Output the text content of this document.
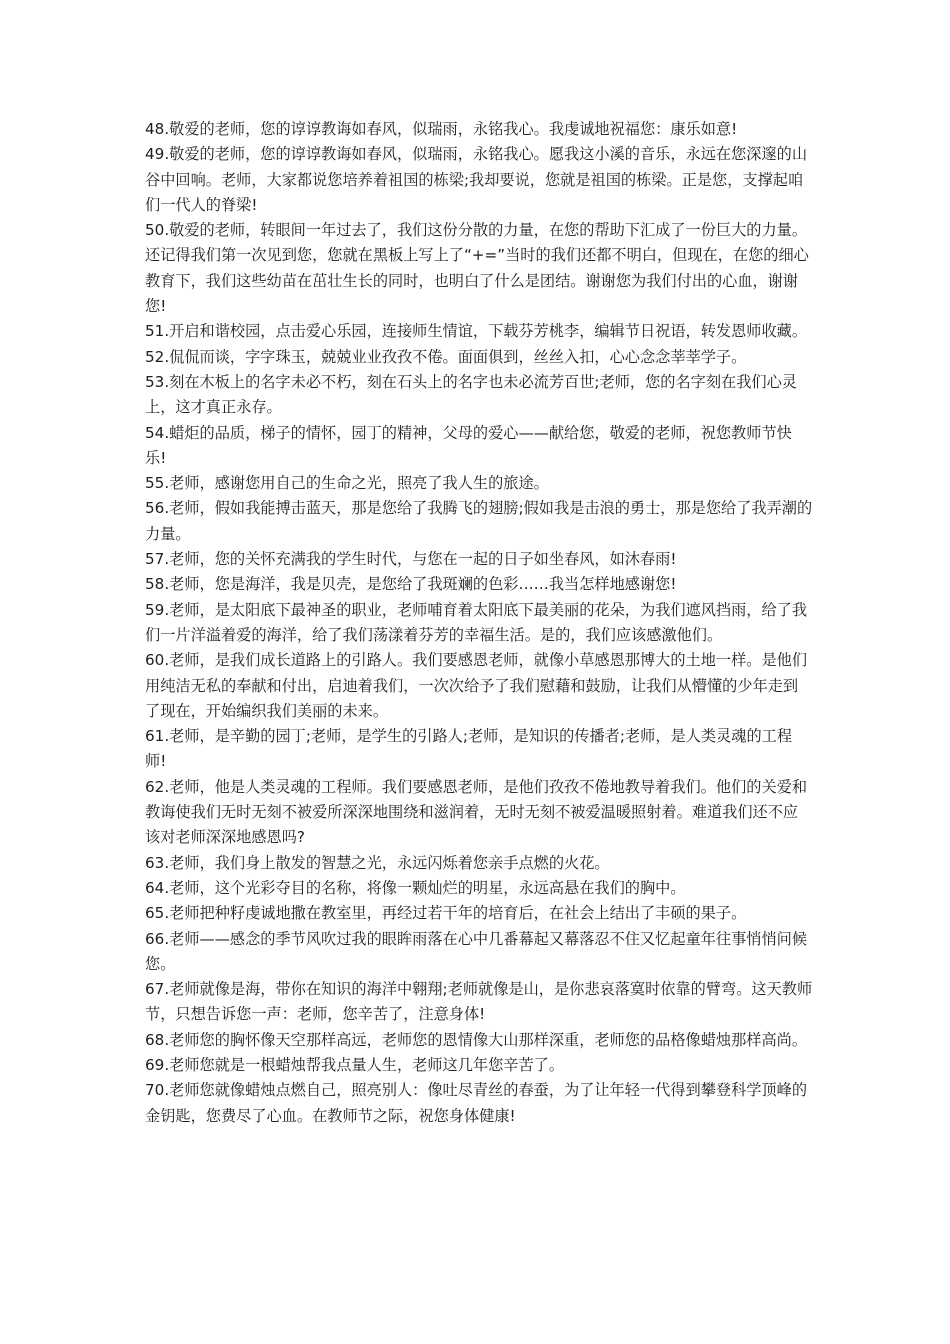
48.敬爱的老师，您的谆谆教诲如春风，似瑞雨，永铭我心。我虔诚地祝福您：康乐如意!

49.敬爱的老师，您的谆谆教诲如春风，似瑞雨，永铭我心。愿我这小溪的音乐，永远在您深邃的山谷中回响。老师，大家都说您培养着祖国的栋梁;我却要说，您就是祖国的栋梁。正是您，支撑起咱们一代人的脊梁!

50.敬爱的老师，转眼间一年过去了，我们这份分散的力量，在您的帮助下汇成了一份巨大的力量。还记得我们第一次见到您，您就在黑板上写上了“+=”当时的我们还都不明白，但现在，在您的细心教育下，我们这些幼苗在茁壮生长的同时，也明白了什么是团结。谢谢您为我们付出的心血，谢谢您!

51.开启和谐校园，点击爱心乐园，连接师生情谊，下载芬芳桃李，编辑节日祝语，转发恩师收藏。

52.侃侃而谈，字字珠玉，兢兢业业孜孜不倦。面面俱到，丝丝入扣，心心念念莘莘学子。

53.刻在木板上的名字未必不朽，刻在石头上的名字也未必流芳百世;老师，您的名字刻在我们心灵上，这才真正永存。

54.蜡炬的品质，梯子的情怀，园丁的精神，父母的爱心——献给您，敬爱的老师，祝您教师节快乐!

55.老师，感谢您用自己的生命之光，照亮了我人生的旅途。

56.老师，假如我能搏击蓝天，那是您给了我腾飞的翅膀;假如我是击浪的勇士，那是您给了我弄潮的力量。

57.老师，您的关怀充满我的学生时代，与您在一起的日子如坐春风，如沐春雨!

58.老师，您是海洋，我是贝壳，是您给了我斑斓的色彩……我当怎样地感谢您!

59.老师，是太阳底下最神圣的职业，老师哺育着太阳底下最美丽的花朵，为我们遮风挡雨，给了我们一片洋溢着爱的海洋，给了我们荡漾着芬芳的幸福生活。是的，我们应该感激他们。

60.老师，是我们成长道路上的引路人。我们要感恩老师，就像小草感恩那博大的土地一样。是他们用纯洁无私的奉献和付出，启迪着我们，一次次给予了我们慰藉和鼓励，让我们从懵懂的少年走到了现在，开始编织我们美丽的未来。

61.老师，是辛勤的园丁;老师，是学生的引路人;老师，是知识的传播者;老师，是人类灵魂的工程师!

62.老师，他是人类灵魂的工程师。我们要感恩老师，是他们孜孜不倦地教导着我们。他们的关爱和教诲使我们无时无刻不被爱所深深地围绕和滋润着，无时无刻不被爱温暖照射着。难道我们还不应该对老师深深地感恩吗?

63.老师，我们身上散发的智慧之光，永远闪烁着您亲手点燃的火花。

64.老师，这个光彩夺目的名称，将像一颗灿烂的明星，永远高悬在我们的胸中。

65.老师把种籽虔诚地撒在教室里，再经过若干年的培育后，在社会上结出了丰硕的果子。

66.老师——感念的季节风吹过我的眼眸雨落在心中几番幕起又幕落忍不住又忆起童年往事悄悄问候您。

67.老师就像是海，带你在知识的海洋中翱翔;老师就像是山，是你悲哀落寞时依靠的臂弯。这天教师节，只想告诉您一声：老师，您辛苦了，注意身体!

68.老师您的胸怀像天空那样高远，老师您的恩情像大山那样深重，老师您的品格像蜡烛那样高尚。

69.老师您就是一根蜡烛帮我点量人生，老师这几年您辛苦了。

70.老师您就像蜡烛点燃自己，照亮别人：像吐尽青丝的春蚕，为了让年轻一代得到攀登科学顶峰的金钥匙，您费尽了心血。在教师节之际，祝您身体健康!
